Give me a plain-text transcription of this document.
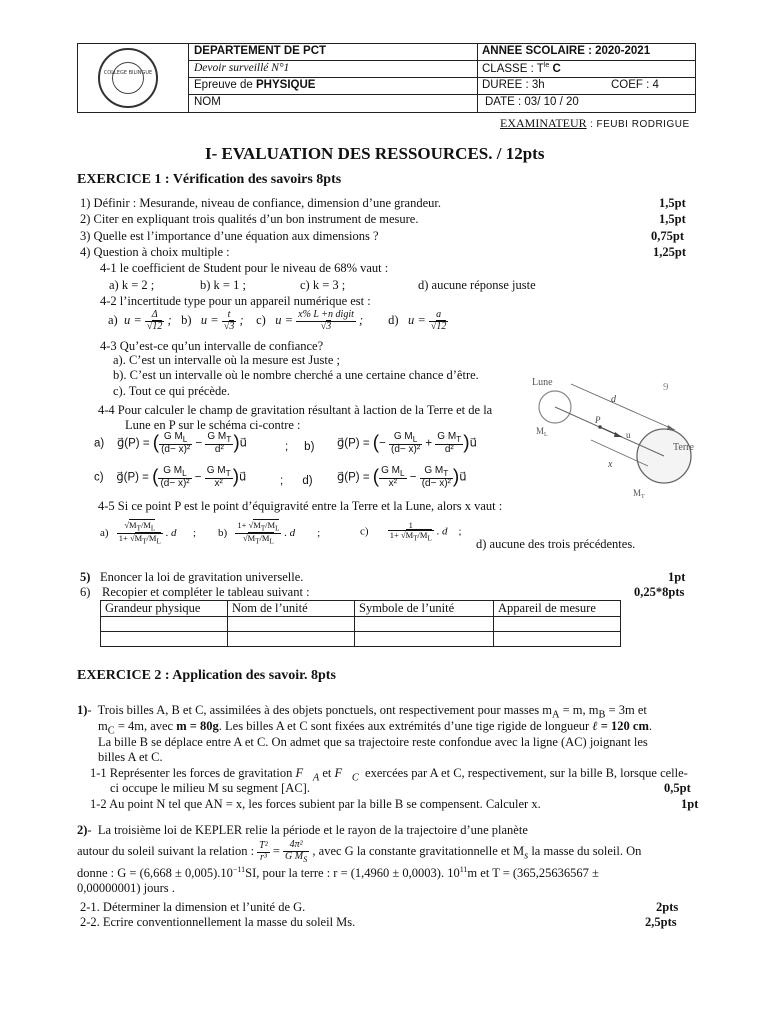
COLLEGE BILINGUE
DEPARTEMENT DE PCT	ANNEE SCOLAIRE : 2020-2021
Devoir surveillé N°1	CLASSE : $T^{le}$ C
Epreuve de PHYSIQUE	DUREE : 3h	COEF : 4
NOM	DATE : 03/ 10 / 20
EXAMINATEUR : FEUBI RODRIGUE
I- EVALUATION DES RESSOURCES. / 12pts
EXERCICE 1 : Vérification des savoirs 8pts
1) Définir : Mesurande, niveau de confiance, dimension d’une grandeur.	1,5pt
2) Citer en expliquant trois qualités d’un bon instrument de mesure.	1,5pt
3) Quelle est l’importance d’une équation aux dimensions ?	0,75pt
4) Question à choix multiple :	1,25pt
4-1 le coefficient de Student pour le niveau de 68% vaut :
a) k = 2 ;	b) k = 1 ;	c) k = 3 ;	d) aucune réponse juste
4-2 l’incertitude type pour un appareil numérique est :
a)  $u = \frac{\Delta}{√12}$ ;   b)   $u = \frac{t}{√3}$ ;    c)   $u = \frac{\text{x\% L +n digit}}{√3}$ ;        d)   $u = \frac{a}{√12}$
4-3 Qu’est-ce qu’un intervalle de confiance?
a). C’est un intervalle où la mesure est Juste ;
b). C’est un intervalle où le nombre cherché a une certaine chance d’être.
c). Tout ce qui précède.
4-4 Pour calculer le champ de gravitation résultant à laction de la Terre et de la
Lune en P sur le schéma ci-contre :
a)    g⃗(P) = ( $\frac{G M_L}{\text{(d− x)²}} - \frac{G M_T}{\text{d²}}$ )u⃗	;     b) g⃗(P) = (− $\frac{G M_L}{\text{(d− x)²}} + \frac{G M_T}{\text{d²}}$ )u⃗
c)    g⃗(P) = ( $\frac{G M_L}{\text{(d− x)²}} - \frac{G M_T}{\text{x²}}$ )u⃗	;      d) g⃗(P) = ( $\frac{G M_L}{\text{x²}} - \frac{G M_T}{\text{(d− x)²}}$ )u⃗
4-5 Si ce point P est le point d’équigravité entre la Terre et la Lune, alors x vaut :
$a) \frac{√M_T/M_L}{1+ √M_T/M_L}$ . d      ; $b) \frac{1+ √M_T/M_L}{√M_T/M_L}$ . d        ;	$c) \frac{1}{1+ √M_T/M_L}$ . d    ;
d) aucune des trois précédentes.
Lune
$M_L$
d
9
P
u
x
Terre
$M_T$
5) Enoncer la loi de gravitation universelle.	1pt
6) Recopier et compléter le tableau suivant :	0,25*8pts
Grandeur physique	Nom de l’unité	Symbole de l’unité	Appareil de mesure

EXERCICE 2 : Application des savoir. 8pts
1)-  Trois billes A, B et C, assimilées à des objets ponctuels, ont respectivement pour masses $m_A = m$, $m_B = 3m$ et
$m_C = 4m$, avec m = 80g. Les billes A et C sont fixées aux extrémités d’une tige rigide de longueur ℓ = 120 cm.
La bille B se déplace entre A et C. On admet que sa trajectoire reste confondue avec la ligne (AC) joignant les
billes A et C.
1-1 Représenter les forces de gravitation $F⃗_A$ et $F⃗_C$ exercées par A et C, respectivement, sur la bille B, lorsque celle-
ci occupe le milieu M su segment [AC].	0,5pt
1-2 Au point N tel que AN = x, les forces subient par la bille B se compensent. Calculer x.	1pt
2)-  La troisième loi de KEPLER relie la période et le rayon de la trajectoire d’une planète
autour du soleil suivant la relation : $\frac{\text{T²}}{\text{r³}} = \frac{\text{4π²}}{G M_S}$ , avec G la constante gravitationnelle et $M_s$ la masse du soleil. On
donne : $G = (6,668 \pm 0,005).10^{-11}SI$, pour la terre : r = (1,4960 ± 0,0003). $10^{11}m$ et T = (365,25636567 ±
0,00000001) jours .
2-1. Déterminer la dimension et l’unité de G.	2pts
2-2. Ecrire conventionnellement la masse du soleil Ms.	2,5pts
